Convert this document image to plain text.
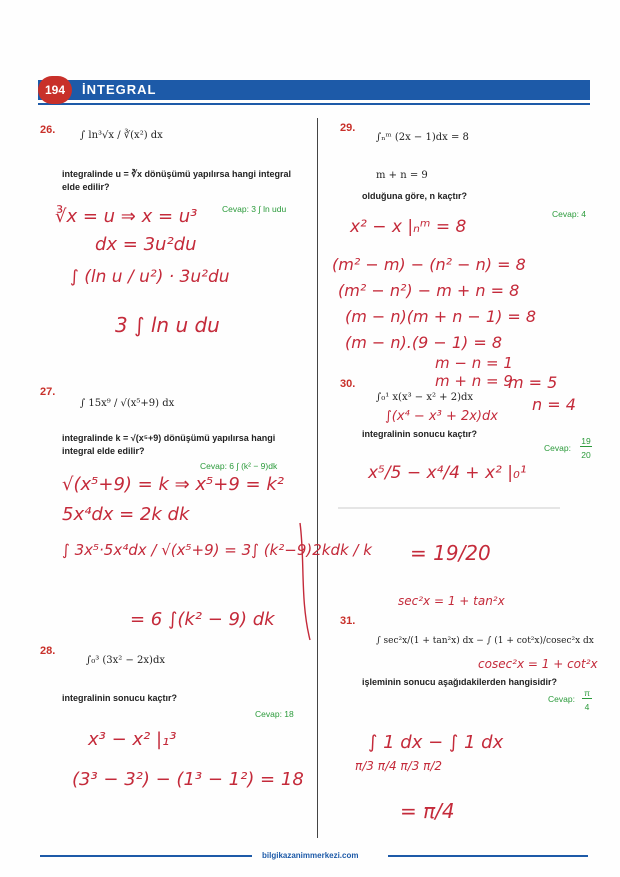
194	İNTEGRAL
26. ∫ ln³√x / ∛(x²) dx
integralinde u = ∛x dönüşümü yapılırsa hangi integral elde edilir?
Cevap: 3 ∫ ln udu
27.
∫ 15x⁹ / √(x⁵+9) dx
integralinde k = √(x⁵+9) dönüşümü yapılırsa hangi integral elde edilir?
Cevap: 6 ∫ (k² − 9)dk
28.
∫₀³ (3x² − 2x)dx
integralinin sonucu kaçtır?
Cevap: 18
29.
∫ₙᵐ (2x − 1)dx = 8
m + n = 9
olduğuna göre, n kaçtır?
Cevap: 4
30.
∫₀¹ x(x³ − x² + 2)dx
integralinin sonucu kaçtır?
Cevap:
19
20
31.
∫ sec²x/(1 + tan²x) dx − ∫ (1 + cot²x)/cosec²x dx
işleminin sonucu aşağıdakilerden hangisidir?
Cevap:
π
4
∛x = u ⇒ x = u³
dx = 3u²du
∫ (ln u / u²) · 3u²du
3 ∫ ln u du
√(x⁵+9) = k ⇒ x⁵+9 = k²
5x⁴dx = 2k dk
∫ 3x⁵·5x⁴dx / √(x⁵+9) = 3∫ (k²−9)2kdk / k
= 6 ∫(k² − 9) dk
x³ − x² |₁³
(3³ − 3²) − (1³ − 1²) = 18
x² − x |ₙᵐ = 8
(m² − m) − (n² − n) = 8
(m² − n²) − m + n = 8
(m − n)(m + n − 1) = 8
(m − n).(9 − 1) = 8
m − n = 1
m + n = 9
m = 5
n = 4
∫(x⁴ − x³ + 2x)dx
x⁵/5 − x⁴/4 + x² |₀¹
= 19/20
sec²x = 1 + tan²x
cosec²x = 1 + cot²x
∫ 1 dx − ∫ 1 dx
π/3 π/4 π/3 π/2
= π/4
bilgikazanimmerkezi.com
